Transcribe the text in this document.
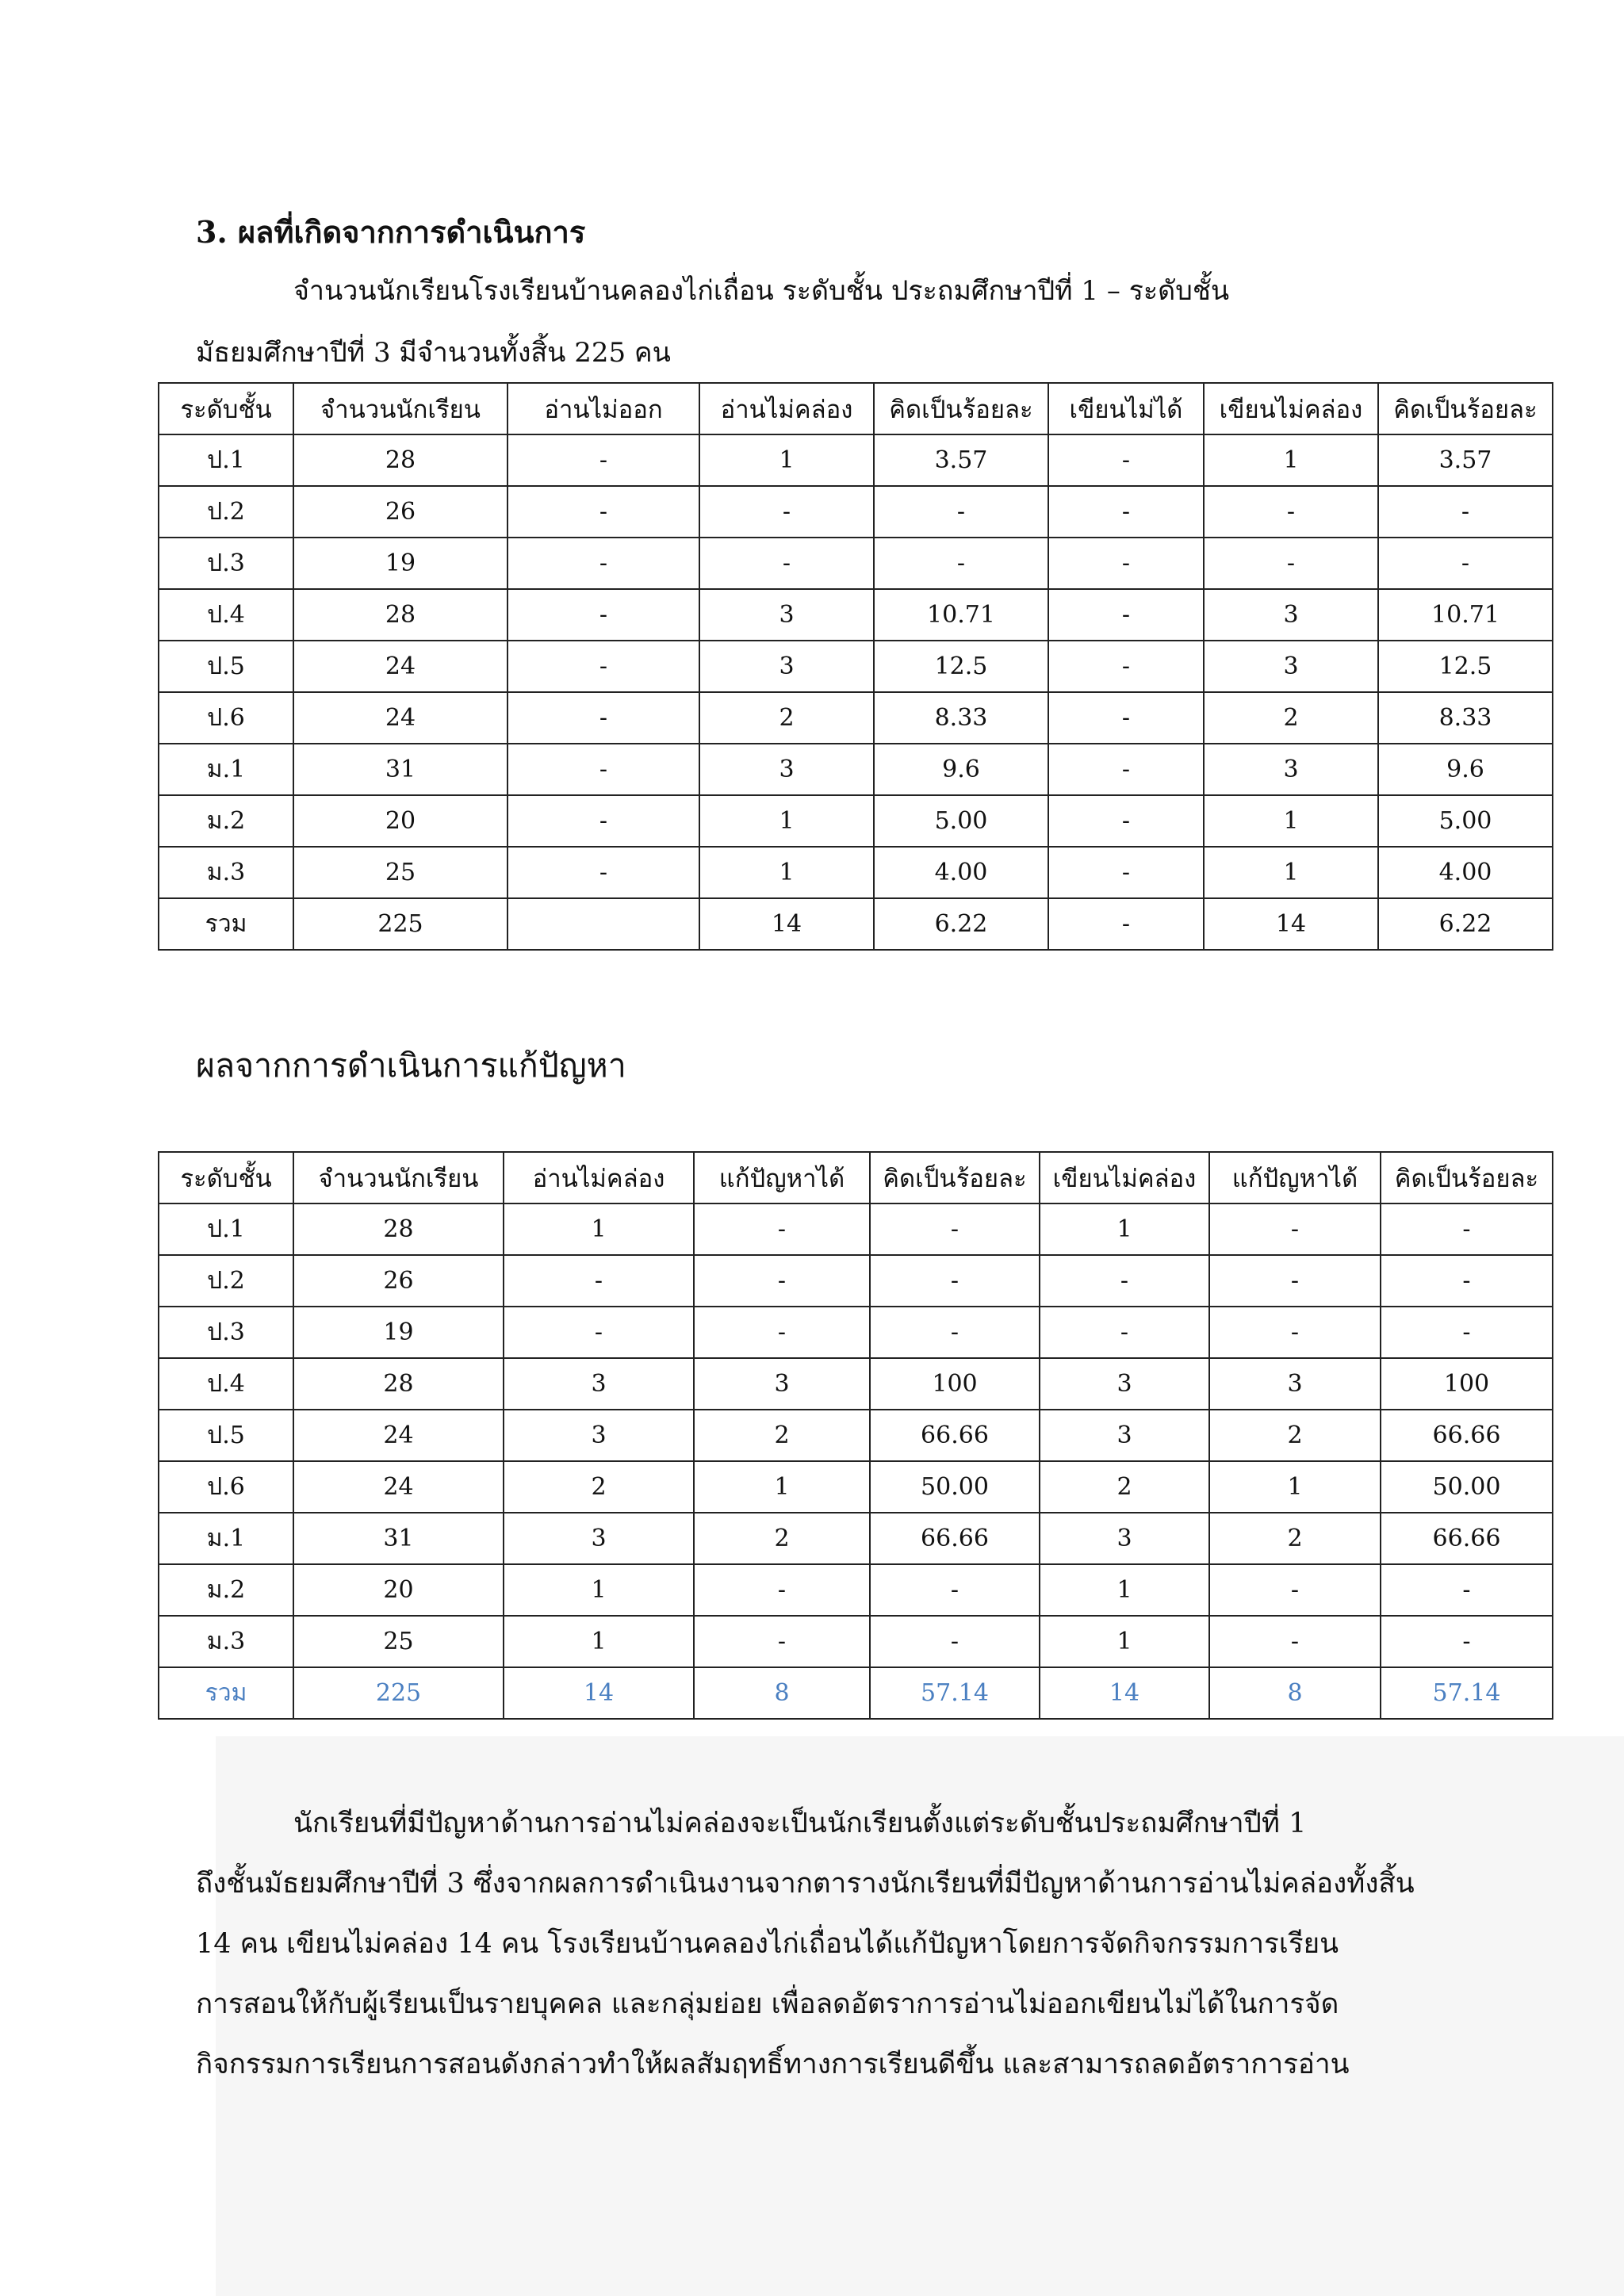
3. ผลที่เกิดจากการดำเนินการ
จำนวนนักเรียนโรงเรียนบ้านคลองไก่เถื่อน ระดับชั้น ประถมศึกษาปีที่ 1 – ระดับชั้น
มัธยมศึกษาปีที่ 3 มีจำนวนทั้งสิ้น 225 คน
ระดับชั้น	จำนวนนักเรียน	อ่านไม่ออก	อ่านไม่คล่อง	คิดเป็นร้อยละ	เขียนไม่ได้	เขียนไม่คล่อง	คิดเป็นร้อยละ
ป.1	28	-	1	3.57	-	1	3.57
ป.2	26	-	-	-	-	-	-
ป.3	19	-	-	-	-	-	-
ป.4	28	-	3	10.71	-	3	10.71
ป.5	24	-	3	12.5	-	3	12.5
ป.6	24	-	2	8.33	-	2	8.33
ม.1	31	-	3	9.6	-	3	9.6
ม.2	20	-	1	5.00	-	1	5.00
ม.3	25	-	1	4.00	-	1	4.00
รวม	225		14	6.22	-	14	6.22
ผลจากการดำเนินการแก้ปัญหา
ระดับชั้น	จำนวนนักเรียน	อ่านไม่คล่อง	แก้ปัญหาได้	คิดเป็นร้อยละ	เขียนไม่คล่อง	แก้ปัญหาได้	คิดเป็นร้อยละ
ป.1	28	1	-	-	1	-	-
ป.2	26	-	-	-	-	-	-
ป.3	19	-	-	-	-	-	-
ป.4	28	3	3	100	3	3	100
ป.5	24	3	2	66.66	3	2	66.66
ป.6	24	2	1	50.00	2	1	50.00
ม.1	31	3	2	66.66	3	2	66.66
ม.2	20	1	-	-	1	-	-
ม.3	25	1	-	-	1	-	-
รวม	225	14	8	57.14	14	8	57.14
นักเรียนที่มีปัญหาด้านการอ่านไม่คล่องจะเป็นนักเรียนตั้งแต่ระดับชั้นประถมศึกษาปีที่ 1
ถึงชั้นมัธยมศึกษาปีที่ 3 ซึ่งจากผลการดำเนินงานจากตารางนักเรียนที่มีปัญหาด้านการอ่านไม่คล่องทั้งสิ้น
14 คน เขียนไม่คล่อง 14 คน โรงเรียนบ้านคลองไก่เถื่อนได้แก้ปัญหาโดยการจัดกิจกรรมการเรียน
การสอนให้กับผู้เรียนเป็นรายบุคคล และกลุ่มย่อย เพื่อลดอัตราการอ่านไม่ออกเขียนไม่ได้ในการจัด
กิจกรรมการเรียนการสอนดังกล่าวทำให้ผลสัมฤทธิ์ทางการเรียนดีขึ้น และสามารถลดอัตราการอ่าน
